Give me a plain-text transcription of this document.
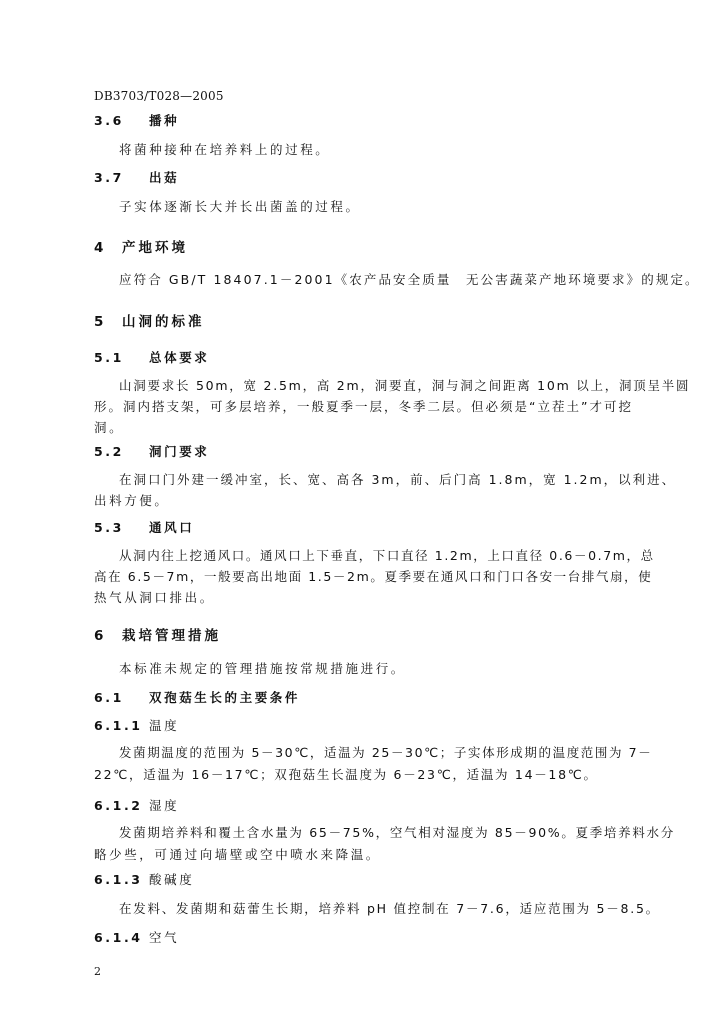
DB3703/T028—2005
3.6 播种
将菌种接种在培养料上的过程。
3.7 出菇
子实体逐渐长大并长出菌盖的过程。
4 产地环境
应符合 GB/T 18407.1－2001《农产品安全质量　无公害蔬菜产地环境要求》的规定。
5 山洞的标准
5.1 总体要求
山洞要求长 50m，宽 2.5m，高 2m，洞要直，洞与洞之间距离 10m 以上，洞顶呈半圆
形。洞内搭支架，可多层培养，一般夏季一层，冬季二层。但必须是“立茬土”才可挖
洞。
5.2 洞门要求
在洞口门外建一缓冲室，长、宽、高各 3m，前、后门高 1.8m，宽 1.2m，以利进、
出料方便。
5.3 通风口
从洞内往上挖通风口。通风口上下垂直，下口直径 1.2m，上口直径 0.6－0.7m，总
高在 6.5－7m，一般要高出地面 1.5－2m。夏季要在通风口和门口各安一台排气扇，使
热气从洞口排出。
6 栽培管理措施
本标准未规定的管理措施按常规措施进行。
6.1 双孢菇生长的主要条件
6.1.1 温度
发菌期温度的范围为 5－30℃，适温为 25－30℃；子实体形成期的温度范围为 7－
22℃，适温为 16－17℃；双孢菇生长温度为 6－23℃，适温为 14－18℃。
6.1.2 湿度
发菌期培养料和覆土含水量为 65－75%，空气相对湿度为 85－90%。夏季培养料水分
略少些，可通过向墙壁或空中喷水来降温。
6.1.3 酸碱度
在发料、发菌期和菇蕾生长期，培养料 pH 值控制在 7－7.6，适应范围为 5－8.5。
6.1.4 空气
2
